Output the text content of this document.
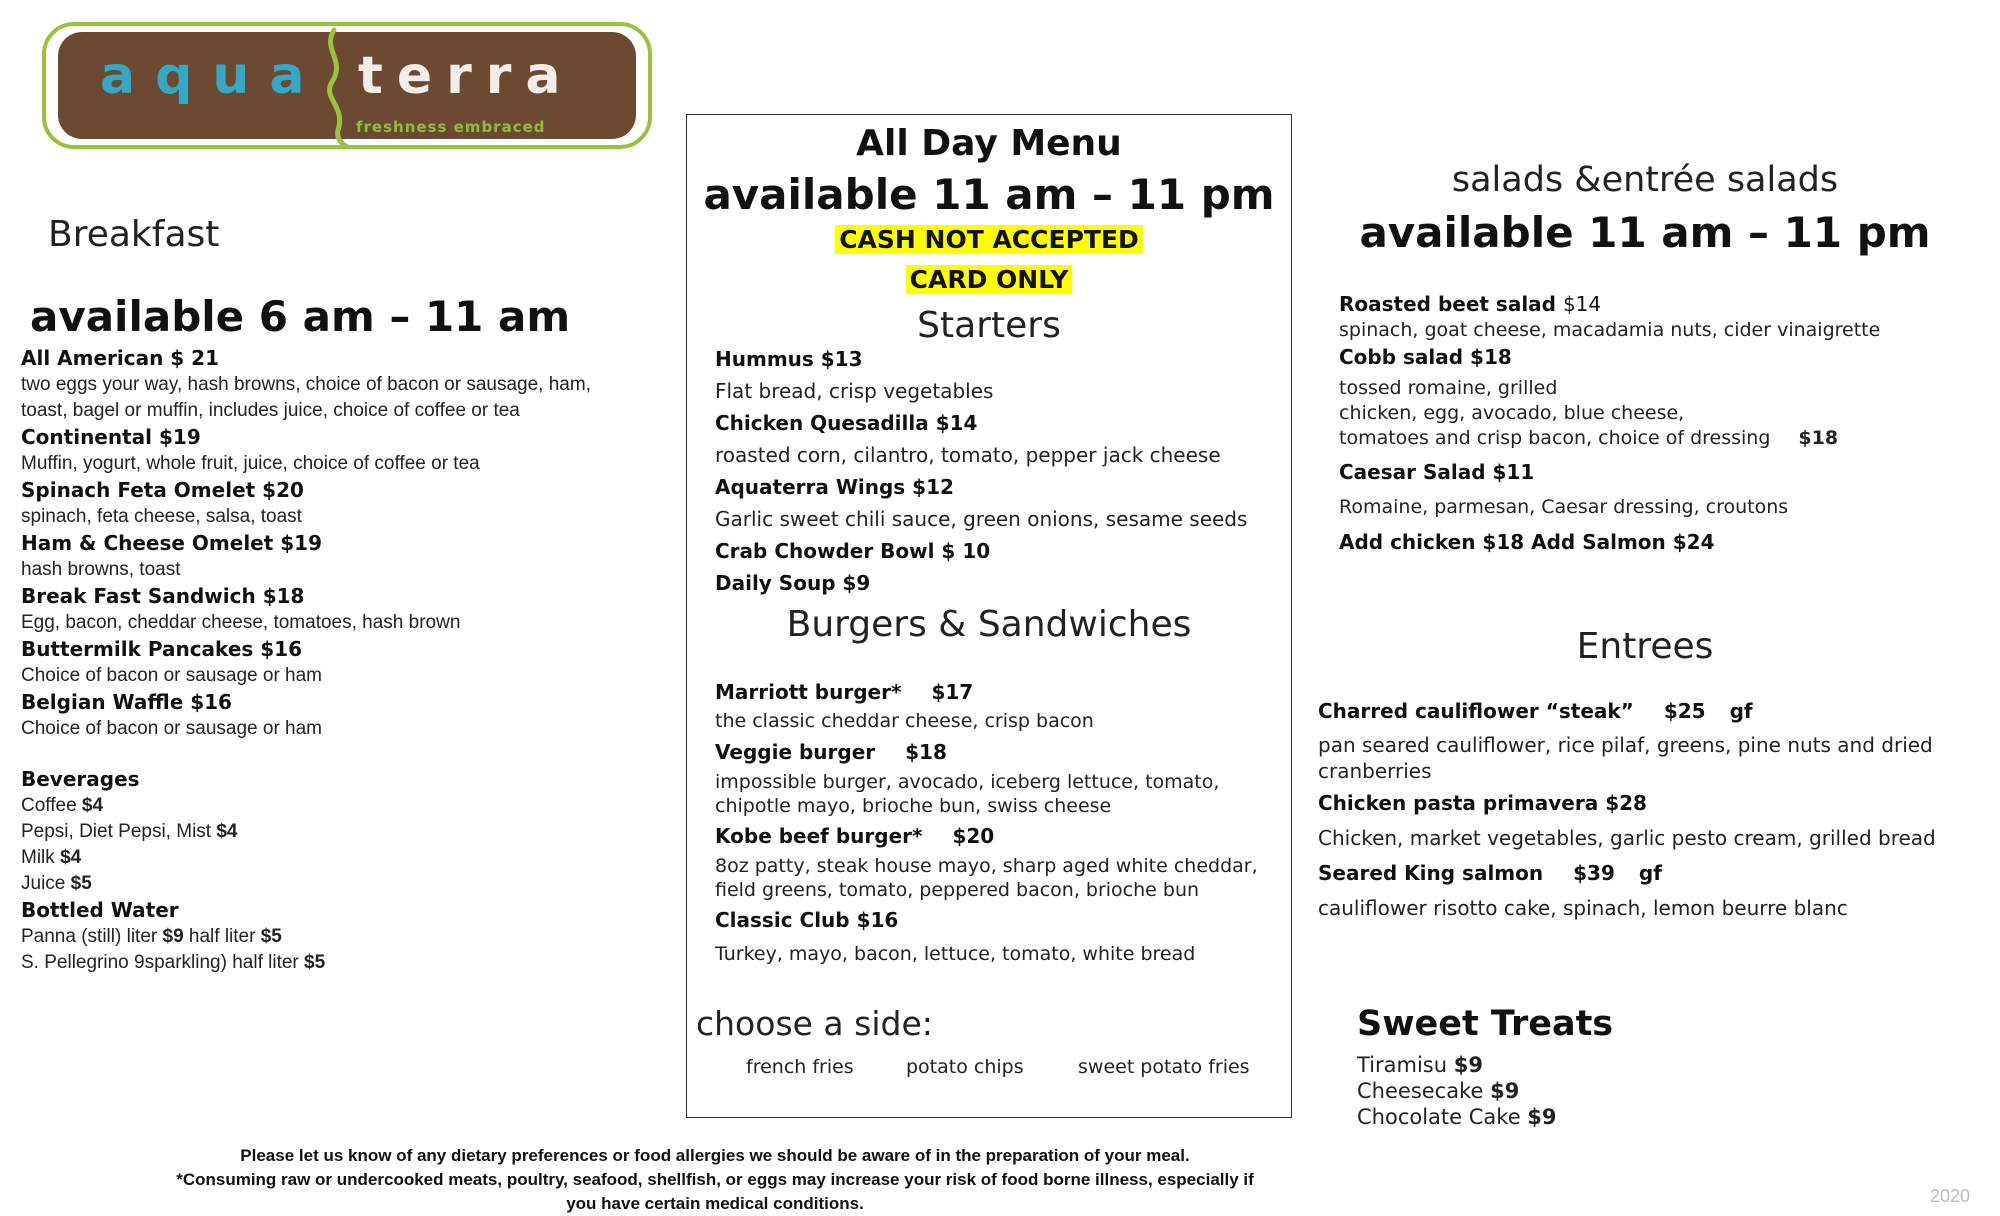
aqua terra
freshness embraced
Breakfast
available 6 am – 11 am
All American $ 21
two eggs your way, hash browns, choice of bacon or sausage, ham,
toast, bagel or muffin, includes juice, choice of coffee or tea
Continental $19
Muffin, yogurt, whole fruit, juice, choice of coffee or tea
Spinach Feta Omelet $20
spinach, feta cheese, salsa, toast
Ham & Cheese Omelet $19
hash browns, toast
Break Fast Sandwich $18
Egg, bacon, cheddar cheese, tomatoes, hash brown
Buttermilk Pancakes $16
Choice of bacon or sausage or ham
Belgian Waffle $16
Choice of bacon or sausage or ham
Beverages
Coffee $4
Pepsi, Diet Pepsi, Mist $4
Milk $4
Juice $5
Bottled Water
Panna (still) liter $9 half liter $5
S. Pellegrino 9sparkling) half liter $5
All Day Menu
available 11 am – 11 pm
CASH NOT ACCEPTED
CARD ONLY
Starters
Hummus $13
Flat bread, crisp vegetables
Chicken Quesadilla $14
roasted corn, cilantro, tomato, pepper jack cheese
Aquaterra Wings $12
Garlic sweet chili sauce, green onions, sesame seeds
Crab Chowder Bowl $ 10
Daily Soup $9
Burgers & Sandwiches
Marriott burger* $17
the classic cheddar cheese, crisp bacon
Veggie burger $18
impossible burger, avocado, iceberg lettuce, tomato,
chipotle mayo, brioche bun, swiss cheese
Kobe beef burger* $20
8oz patty, steak house mayo, sharp aged white cheddar,
field greens, tomato, peppered bacon, brioche bun
Classic Club $16
Turkey, mayo, bacon, lettuce, tomato, white bread
choose a side:
french fries	potato chips	sweet potato fries
salads &entrée salads
available 11 am – 11 pm
Roasted beet salad $14
spinach, goat cheese, macadamia nuts, cider vinaigrette
Cobb salad $18
tossed romaine, grilled
chicken, egg, avocado, blue cheese,
tomatoes and crisp bacon, choice of dressing $18
Caesar Salad $11
Romaine, parmesan, Caesar dressing, croutons
Add chicken $18 Add Salmon $24
Entrees
Charred cauliflower “steak” $25 gf
pan seared cauliflower, rice pilaf, greens, pine nuts and dried
cranberries
Chicken pasta primavera $28
Chicken, market vegetables, garlic pesto cream, grilled bread
Seared King salmon $39 gf
cauliflower risotto cake, spinach, lemon beurre blanc
Sweet Treats
Tiramisu $9
Cheesecake $9
Chocolate Cake $9
Please let us know of any dietary preferences or food allergies we should be aware of in the preparation of your meal.
*Consuming raw or undercooked meats, poultry, seafood, shellfish, or eggs may increase your risk of food borne illness, especially if
you have certain medical conditions.	2020
